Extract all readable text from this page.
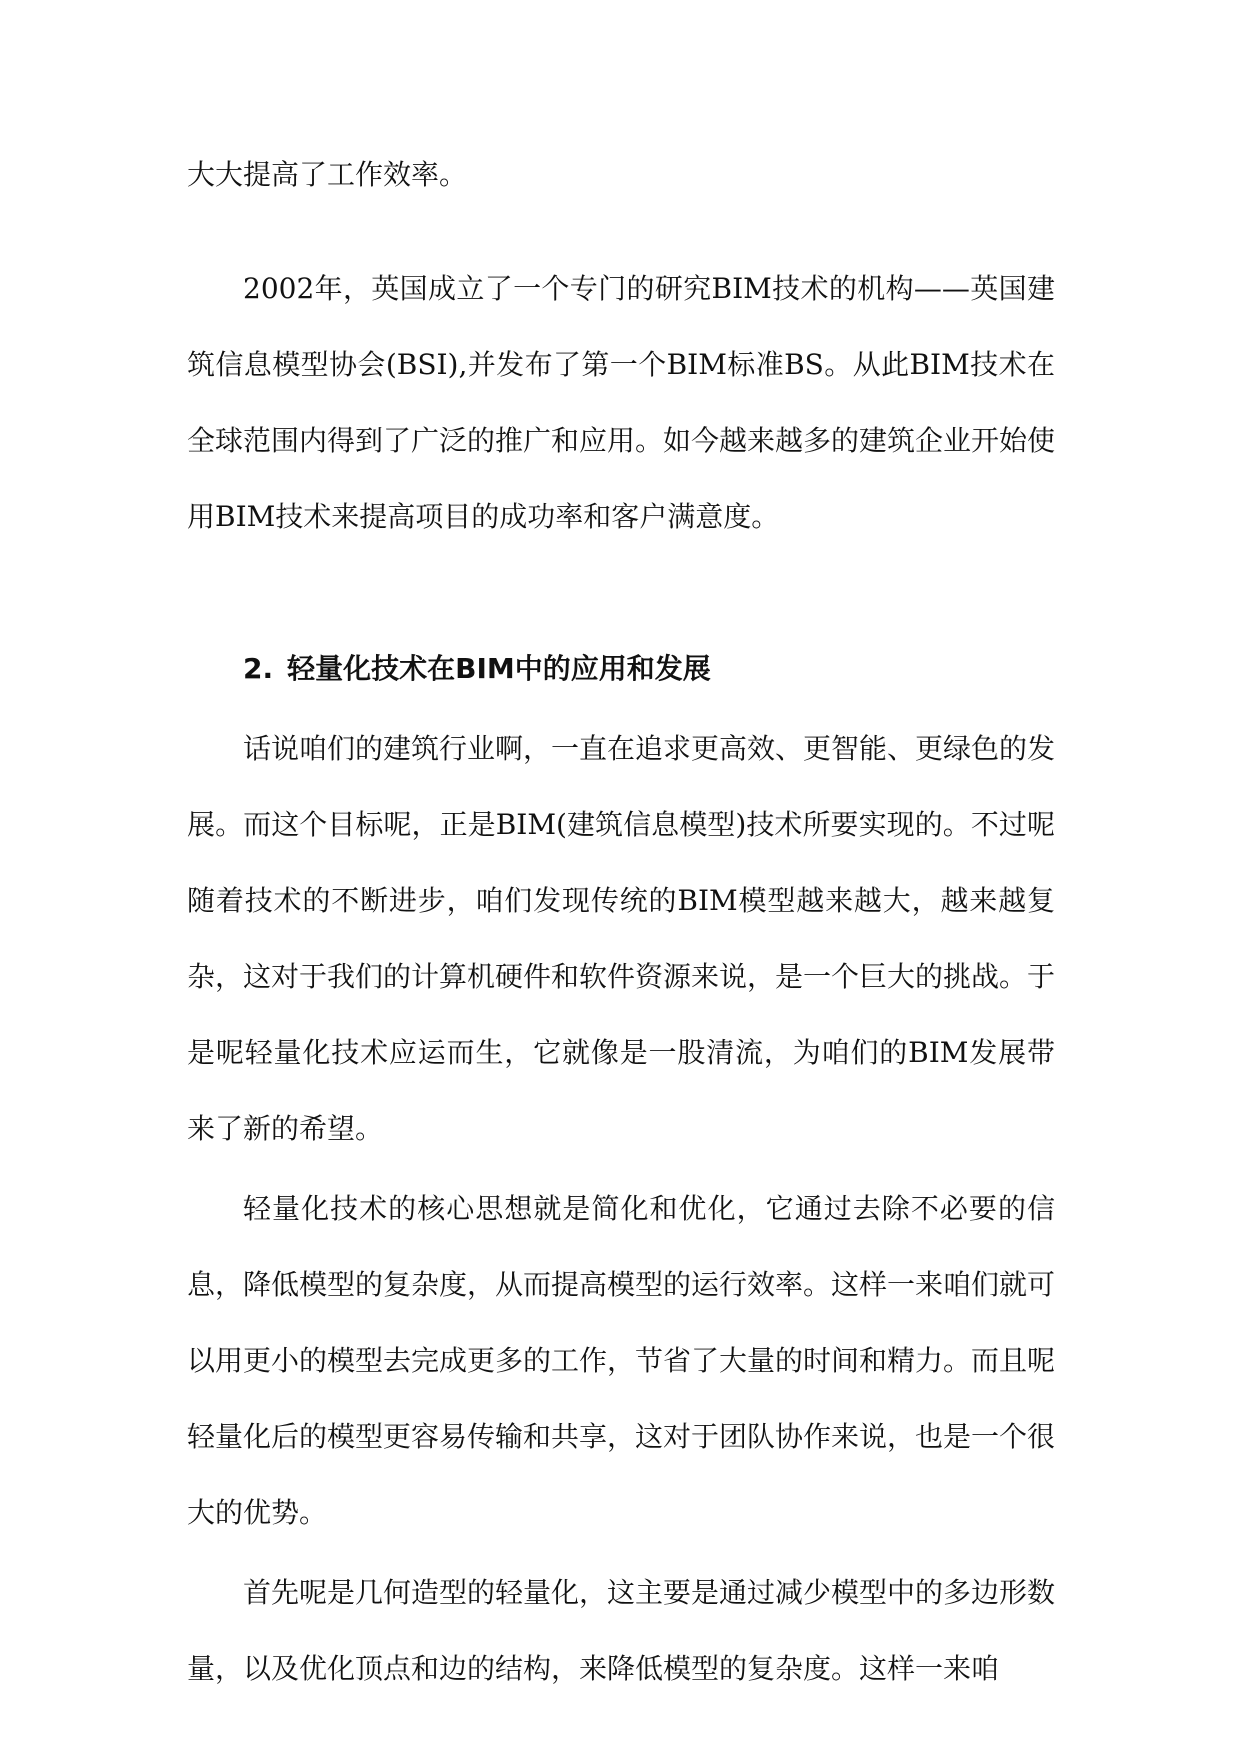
大大提高了工作效率。

2002年，英国成立了一个专门的研究BIM技术的机构——英国建筑信息模型协会(BSI),并发布了第一个BIM标准BS。从此BIM技术在全球范围内得到了广泛的推广和应用。如今越来越多的建筑企业开始使用BIM技术来提高项目的成功率和客户满意度。

2. 轻量化技术在BIM中的应用和发展

话说咱们的建筑行业啊，一直在追求更高效、更智能、更绿色的发展。而这个目标呢，正是BIM(建筑信息模型)技术所要实现的。不过呢随着技术的不断进步，咱们发现传统的BIM模型越来越大，越来越复杂，这对于我们的计算机硬件和软件资源来说，是一个巨大的挑战。于是呢轻量化技术应运而生，它就像是一股清流，为咱们的BIM发展带来了新的希望。

轻量化技术的核心思想就是简化和优化，它通过去除不必要的信息，降低模型的复杂度，从而提高模型的运行效率。这样一来咱们就可以用更小的模型去完成更多的工作，节省了大量的时间和精力。而且呢轻量化后的模型更容易传输和共享，这对于团队协作来说，也是一个很大的优势。

首先呢是几何造型的轻量化，这主要是通过减少模型中的多边形数量，以及优化顶点和边的结构，来降低模型的复杂度。这样一来咱
